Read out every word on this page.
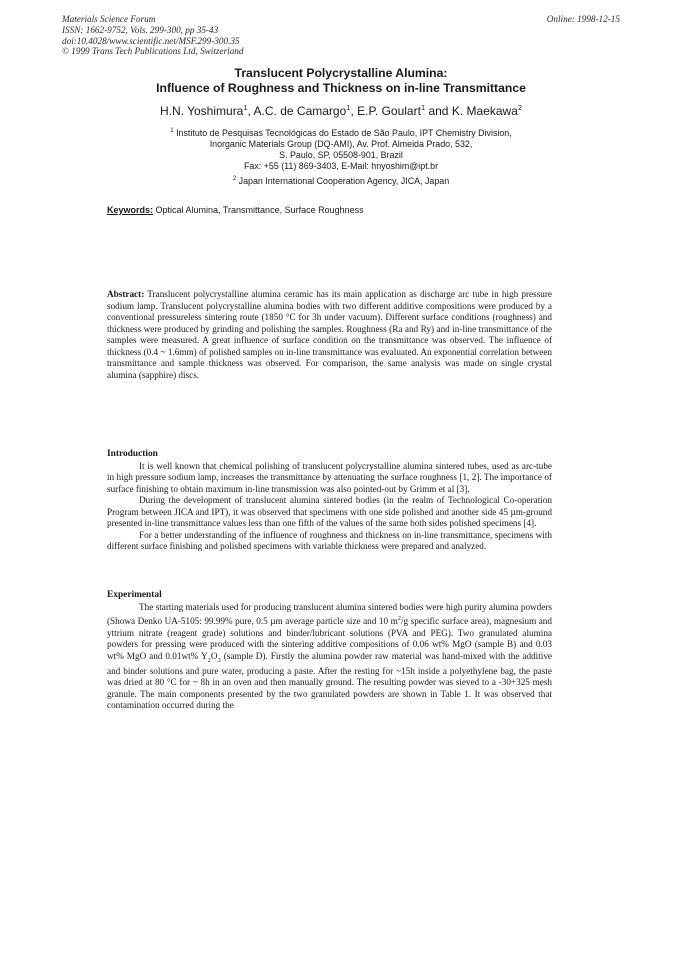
Materials Science Forum
ISSN: 1662-9752, Vols. 299-300, pp 35-43
doi:10.4028/www.scientific.net/MSF.299-300.35
© 1999 Trans Tech Publications Ltd, Switzerland
Online: 1998-12-15
Translucent Polycrystalline Alumina:
Influence of Roughness and Thickness on in-line Transmittance
H.N. Yoshimura$^1$, A.C. de Camargo$^1$, E.P. Goulart$^1$ and K. Maekawa$^2$
$^1$ Instituto de Pesquisas Tecnológicas do Estado de São Paulo, IPT Chemistry Division,
Inorganic Materials Group (DQ-AMI), Av. Prof. Almeida Prado, 532,
S. Paulo, SP, 05508-901, Brazil
Fax: +55 (11) 869-3403, E-Mail: hnyoshim@ipt.br
$^2$ Japan International Cooperation Agency, JICA, Japan
Keywords: Optical Alumina, Transmittance, Surface Roughness

Abstract: Translucent polycrystalline alumina ceramic has its main application as discharge arc tube in high pressure sodium lamp. Translucent polycrystalline alumina bodies with two different additive compositions were produced by a conventional pressureless sintering route (1850 °C for 3h under vacuum). Different surface conditions (roughness) and thickness were produced by grinding and polishing the samples. Roughness (Ra and Ry) and in-line transmittance of the samples were measured. A great influence of surface condition on the transmittance was observed. The influence of thickness (0.4 ~ 1.6mm) of polished samples on in-line transmittance was evaluated. An exponential correlation between transmittance and sample thickness was observed. For comparison, the same analysis was made on single crystal alumina (sapphire) discs.

Introduction

It is well known that chemical polishing of translucent polycrystalline alumina sintered tubes, used as arc-tube in high pressure sodium lamp, increases the transmittance by attenuating the surface roughness [1, 2]. The importance of surface finishing to obtain maximum in-line transmission was also pointed-out by Grimm et al [3].

During the development of translucent alumina sintered bodies (in the realm of Technological Co-operation Program between JICA and IPT), it was observed that specimens with one side polished and another side 45 µm-ground presented in-line transmittance values less than one fifth of the values of the same both sides polished specimens [4].

For a better understanding of the influence of roughness and thickness on in-line transmittance, specimens with different surface finishing and polished specimens with variable thickness were prepared and analyzed.

Experimental

The starting materials used for producing translucent alumina sintered bodies were high purity alumina powders (Showa Denko UA-5105: 99.99% pure, 0.5 µm average particle size and 10 $m^2/g$ specific surface area), magnesium and yttrium nitrate (reagent grade) solutions and binder/lubricant solutions (PVA and PEG). Two granulated alumina powders for pressing were produced with the sintering additive compositions of 0.06 wt% MgO (sample B) and 0.03 wt% MgO and 0.01wt% $Y_2O_3$ (sample D). Firstly the alumina powder raw material was hand-mixed with the additive and binder solutions and pure water, producing a paste. After the resting for ~15h inside a polyethylene bag, the paste was dried at 80 °C for ~ 8h in an oven and then manually ground. The resulting powder was sieved to a -30+325 mesh granule. The main components presented by the two granulated powders are shown in Table 1. It was observed that contamination occurred during the
